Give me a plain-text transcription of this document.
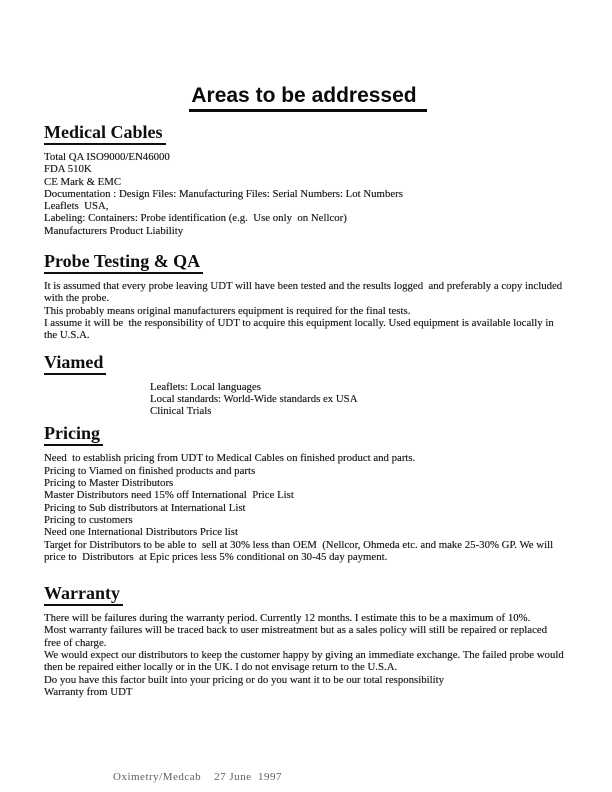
Areas to be addressed
Medical Cables

Total QA ISO9000/EN46000

FDA 510K

CE Mark & EMC

Documentation : Design Files: Manufacturing Files: Serial Numbers: Lot Numbers

Leaflets  USA,

Labeling: Containers: Probe identification (e.g.  Use only  on Nellcor)

Manufacturers Product Liability

Probe Testing & QA

It is assumed that every probe leaving UDT will have been tested and the results logged  and preferably a copy included with the probe.

This probably means original manufacturers equipment is required for the final tests.

I assume it will be  the responsibility of UDT to acquire this equipment locally. Used equipment is available locally in the U.S.A.

Viamed

Leaflets: Local languages

Local standards: World-Wide standards ex USA

Clinical Trials

Pricing

Need  to establish pricing from UDT to Medical Cables on finished product and parts.

Pricing to Viamed on finished products and parts

Pricing to Master Distributors

Master Distributors need 15% off International  Price List

Pricing to Sub distributors at International List

Pricing to customers

Need one International Distributors Price list

Target for Distributors to be able to  sell at 30% less than OEM  (Nellcor, Ohmeda etc. and make 25-30% GP. We will price to  Distributors  at Epic prices less 5% conditional on 30-45 day payment.

Warranty

There will be failures during the warranty period. Currently 12 months. I estimate this to be a maximum of 10%.

Most warranty failures will be traced back to user mistreatment but as a sales policy will still be repaired or replaced free of charge.

We would expect our distributors to keep the customer happy by giving an immediate exchange. The failed probe would then be repaired either locally or in the UK. I do not envisage return to the U.S.A.

Do you have this factor built into your pricing or do you want it to be our total responsibility

Warranty from UDT

Oximetry/Medcab    27 June  1997
